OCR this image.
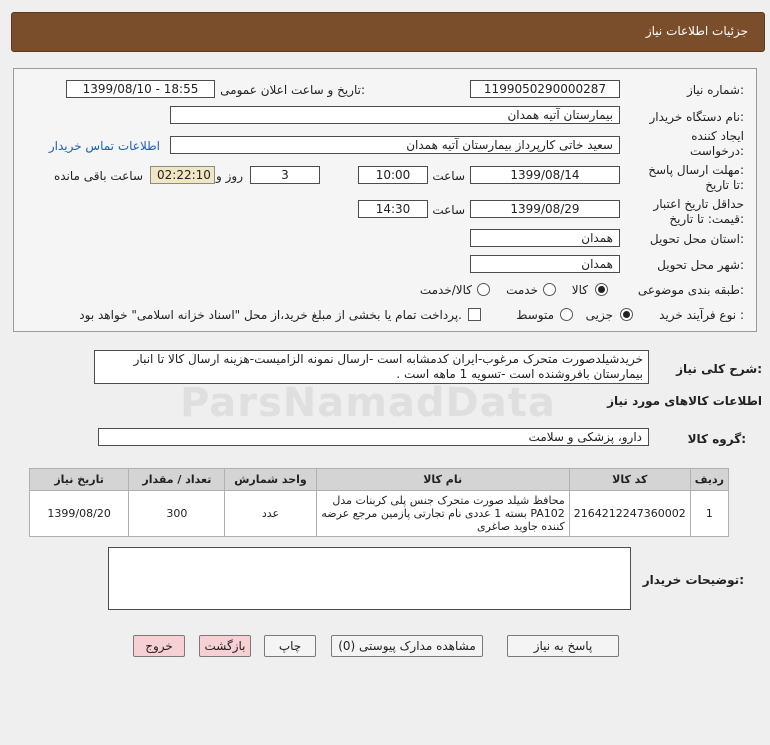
جزئیات اطلاعات نیاز
شماره نیاز:
1199050290000287
تاریخ و ساعت اعلان عمومی:
1399/08/10 - 18:55
نام دستگاه خریدار:
بیمارستان آتیه همدان
ایجاد کننده
درخواست:
سعید خاتی کارپرداز بیمارستان آتیه همدان
اطلاعات تماس خریدار
مهلت ارسال پاسخ:
تا تاریخ:
1399/08/14
ساعت
10:00
3
روز و
02:22:10
ساعت باقی مانده
حداقل تاریخ اعتبار
قیمت: تا تاریخ:
1399/08/29
ساعت
14:30
استان محل تحویل:
همدان
شهر محل تحویل:
همدان
طبقه بندی موضوعی:
کالا
خدمت
کالا/خدمت
نوع فرآیند خرید :
جزیی
متوسط
پرداخت تمام یا بخشی از مبلغ خرید،از محل "اسناد خزانه اسلامی" خواهد بود.
شرح کلی نیاز:
خریدشیلدصورت متحرک مرغوب-ایران کدمشابه است -ارسال نمونه الزامیست-هزینه ارسال کالا تا انبار بیمارستان بافروشنده است -تسویه 1 ماهه است .
اطلاعات کالاهای مورد نیاز
گروه کالا:
دارو، پزشکی و سلامت
ParsNamadData
ردیف	کد کالا	نام کالا	واحد شمارش	تعداد / مقدار	تاریخ نیاز
1	2164212247360002	محافظ شیلد صورت متحرک جنس پلی کربنات مدل PA102 بسته 1 عددی نام تجارتی پازمین مرجع عرضه کننده جاوید صاغری	عدد	300	1399/08/20
توضیحات خریدار:
پاسخ به نیاز
مشاهده مدارک پیوستی (0)
چاپ
بازگشت
خروج
